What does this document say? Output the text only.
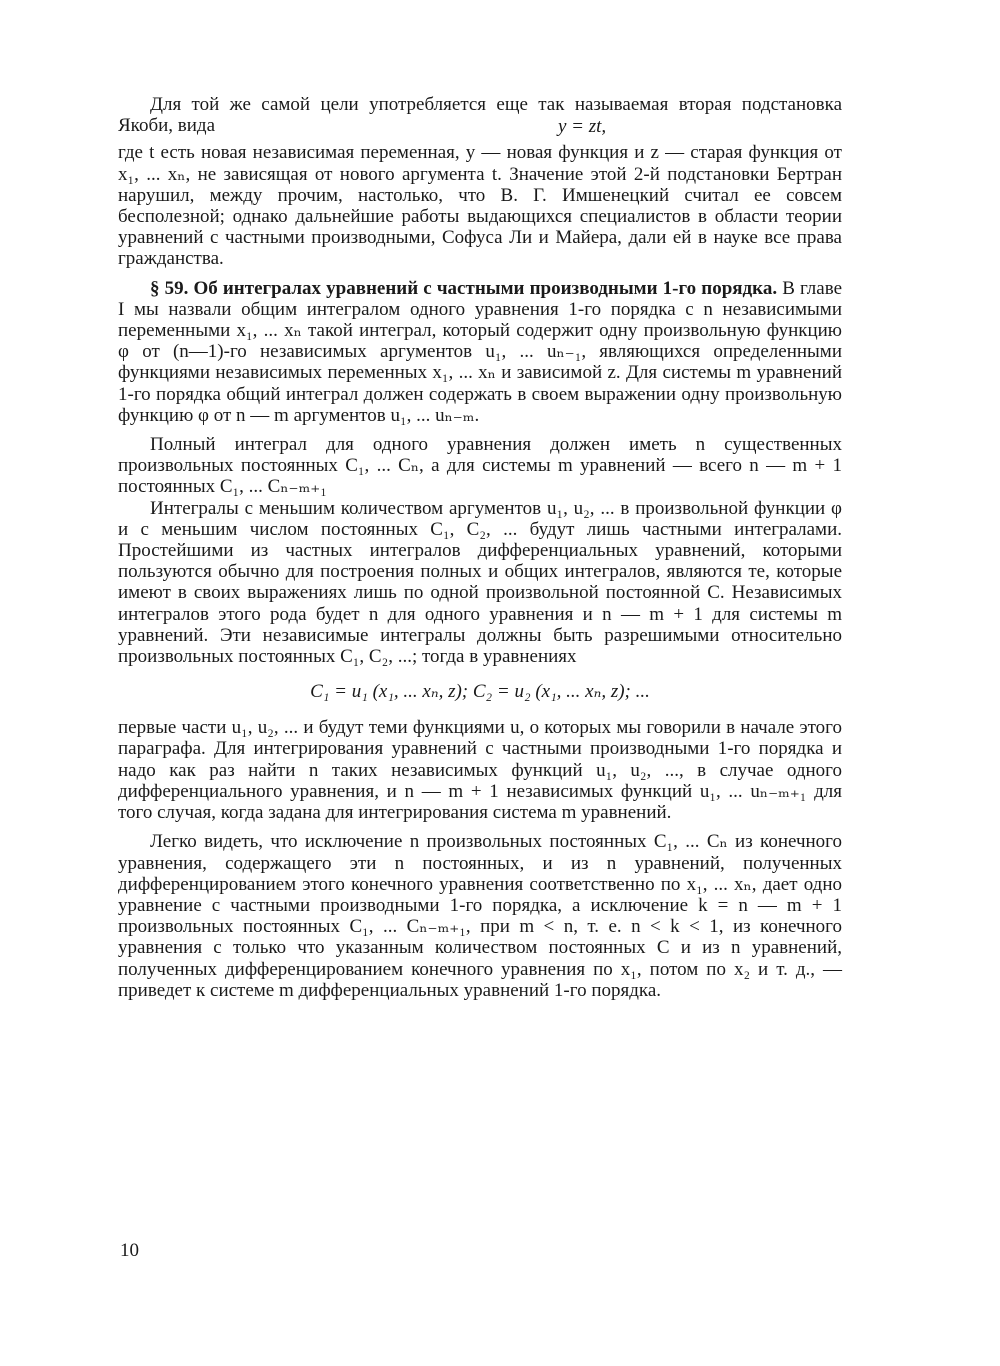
Для той же самой цели употребляется еще так называемая вторая подстановка Якоби, вида	y = zt,

где t есть новая независимая переменная, y — новая функция и z — старая функция от x₁, ... xₙ, не зависящая от нового аргумента t. Значение этой 2-й подстановки Бертран нарушил, между прочим, настолько, что В. Г. Имшенецкий считал ее совсем бесполезной; однако дальнейшие работы выдающихся специалистов в области теории уравнений с частными производными, Софуса Ли и Майера, дали ей в науке все права гражданства.

§ 59. Об интегралах уравнений с частными производными 1-го порядка. В главе I мы назвали общим интегралом одного уравнения 1-го порядка с n независимыми переменными x₁, ... xₙ такой интеграл, который содержит одну произвольную функцию φ от (n—1)-го независимых аргументов u₁, ... uₙ₋₁, являющихся определенными функциями независимых переменных x₁, ... xₙ и зависимой z. Для системы m уравнений 1-го порядка общий интеграл должен содержать в своем выражении одну произвольную функцию φ от n — m аргументов u₁, ... uₙ₋ₘ.

Полный интеграл для одного уравнения должен иметь n существенных произвольных постоянных C₁, ... Cₙ, а для системы m уравнений — всего n — m + 1 постоянных C₁, ... Cₙ₋ₘ₊₁

Интегралы с меньшим количеством аргументов u₁, u₂, ... в произвольной функции φ и с меньшим числом постоянных C₁, C₂, ... будут лишь частными интегралами. Простейшими из частных интегралов дифференциальных уравнений, которыми пользуются обычно для построения полных и общих интегралов, являются те, которые имеют в своих выражениях лишь по одной произвольной постоянной C. Независимых интегралов этого рода будет n для одного уравнения и n — m + 1 для системы m уравнений. Эти независимые интегралы должны быть разрешимыми относительно произвольных постоянных C₁, C₂, ...; тогда в уравнениях

C₁ = u₁ (x₁, ... xₙ, z); C₂ = u₂ (x₁, ... xₙ, z); ...

первые части u₁, u₂, ... и будут теми функциями u, о которых мы говорили в начале этого параграфа. Для интегрирования уравнений с частными производными 1-го порядка и надо как раз найти n таких независимых функций u₁, u₂, ..., в случае одного дифференциального уравнения, и n — m + 1 независимых функций u₁, ... uₙ₋ₘ₊₁ для того случая, когда задана для интегрирования система m уравнений.

Легко видеть, что исключение n произвольных постоянных C₁, ... Cₙ из конечного уравнения, содержащего эти n постоянных, и из n уравнений, полученных дифференцированием этого конечного уравнения соответственно по x₁, ... xₙ, дает одно уравнение с частными производными 1-го порядка, а исключение k = n — m + 1 произвольных постоянных C₁, ... Cₙ₋ₘ₊₁, при m < n, т. е. n < k < 1, из конечного уравнения с только что указанным количеством постоянных C и из n уравнений, полученных дифференцированием конечного уравнения по x₁, потом по x₂ и т. д., — приведет к системе m дифференциальных уравнений 1-го порядка.

10
